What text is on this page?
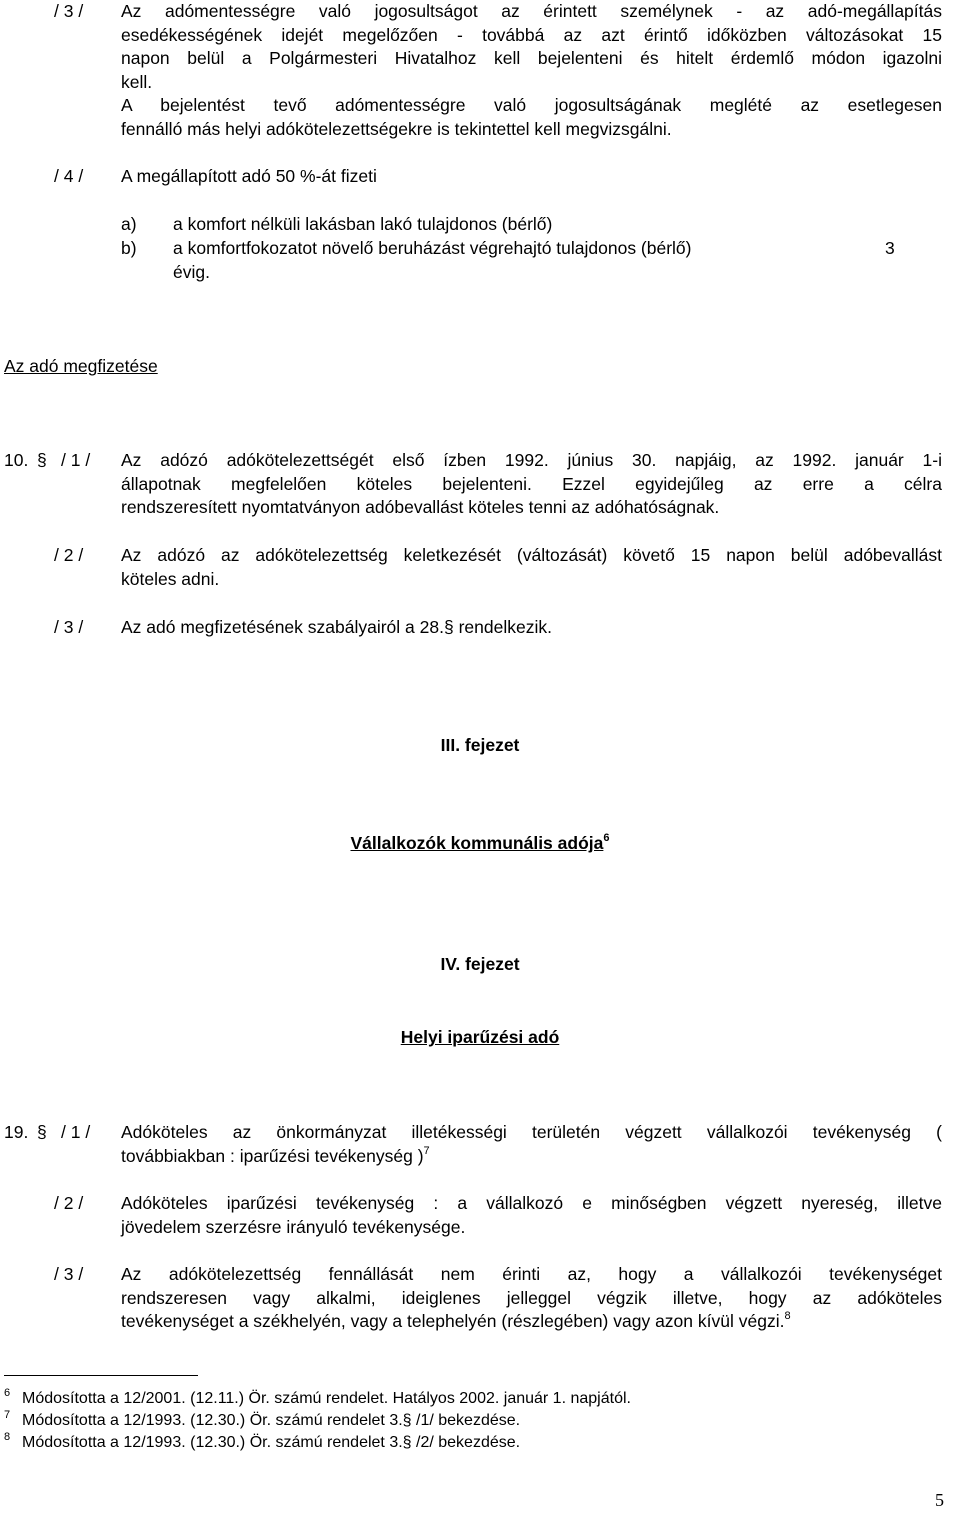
/ 3 / Az adómentességre való jogosultságot az érintett személynek - az adó-megállapítás

esedékességének idejét megelőzően - továbbá az azt érintő időközben változásokat 15

napon belül a Polgármesteri Hivatalhoz kell bejelenteni és hitelt érdemlő módon igazolni

kell.

A bejelentést tevő adómentességre való jogosultságának meglété az esetlegesen

fennálló más helyi adókötelezettségekre is tekintettel kell megvizsgálni.

/ 4 / A megállapított adó 50 %-át fizeti

a) a komfort nélküli lakásban lakó tulajdonos (bérlő)
b) a komfortfokozatot növelő beruházást végrehajtó tulajdonos (bérlő)	3
évig.
Az adó megfizetése
10. § / 1 / Az adózó adókötelezettségét első ízben 1992. június 30. napjáig, az 1992. január 1-i

állapotnak megfelelően köteles bejelenteni. Ezzel egyidejűleg az erre a célra

rendszeresített nyomtatványon adóbevallást köteles tenni az adóhatóságnak.

/ 2 / Az adózó az adókötelezettség keletkezését (változását) követő 15 napon belül adóbevallást

köteles adni.

/ 3 / Az adó megfizetésének szabályairól a 28.§ rendelkezik.

III. fejezet
Vállalkozók kommunális adója$^6$
IV. fejezet
Helyi iparűzési adó
19. § / 1 / Adóköteles az önkormányzat illetékességi területén végzett vállalkozói tevékenység (

továbbiakban : iparűzési tevékenység )$^7$

/ 2 / Adóköteles iparűzési tevékenység : a vállalkozó e minőségben végzett nyereség, illetve

jövedelem szerzésre irányuló tevékenysége.

/ 3 / Az adókötelezettség fennállását nem érinti az, hogy a vállalkozói tevékenységet

rendszeresen vagy alkalmi, ideiglenes jelleggel végzik illetve, hogy az adóköteles

tevékenységet a székhelyén, vagy a telephelyén (részlegében) vagy azon kívül végzi.$^8$

$^6$ Módosította a 12/2001. (12.11.) Ör. számú rendelet. Hatályos 2002. január 1. napjától.
$^7$ Módosította a 12/1993. (12.30.) Ör. számú rendelet 3.§ /1/ bekezdése.
$^8$ Módosította a 12/1993. (12.30.) Ör. számú rendelet 3.§ /2/ bekezdése.
5
